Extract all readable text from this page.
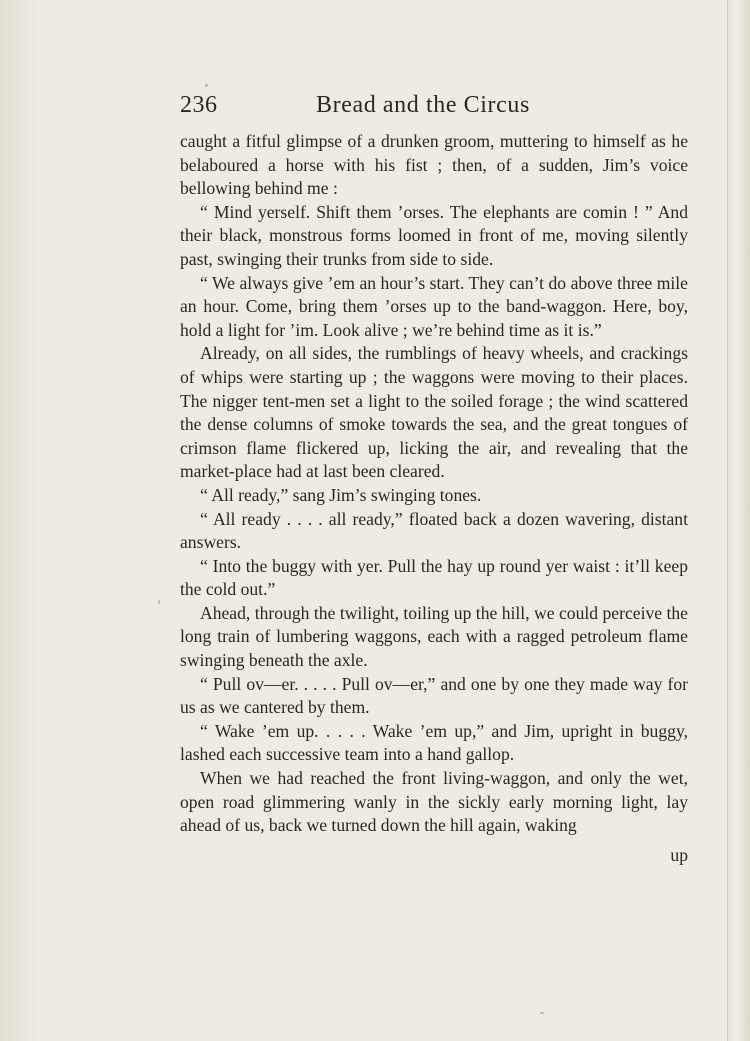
236	Bread and the Circus

caught a fitful glimpse of a drunken groom, muttering to himself as he belaboured a horse with his fist ; then, of a sudden, Jim’s voice bellowing behind me :

“ Mind yerself. Shift them ’orses. The elephants are comin ! ” And their black, monstrous forms loomed in front of me, moving silently past, swinging their trunks from side to side.

“ We always give ’em an hour’s start. They can’t do above three mile an hour. Come, bring them ’orses up to the band-waggon. Here, boy, hold a light for ’im. Look alive ; we’re behind time as it is.”

Already, on all sides, the rumblings of heavy wheels, and crackings of whips were starting up ; the waggons were moving to their places. The nigger tent-men set a light to the soiled forage ; the wind scattered the dense columns of smoke towards the sea, and the great tongues of crimson flame flickered up, licking the air, and revealing that the market-place had at last been cleared.

“ All ready,” sang Jim’s swinging tones.

“ All ready . . . . all ready,” floated back a dozen wavering, distant answers.

“ Into the buggy with yer. Pull the hay up round yer waist : it’ll keep the cold out.”

Ahead, through the twilight, toiling up the hill, we could perceive the long train of lumbering waggons, each with a ragged petroleum flame swinging beneath the axle.

“ Pull ov—er. . . . . Pull ov—er,” and one by one they made way for us as we cantered by them.

“ Wake ’em up. . . . . Wake ’em up,” and Jim, upright in buggy, lashed each successive team into a hand gallop.

When we had reached the front living-waggon, and only the wet, open road glimmering wanly in the sickly early morning light, lay ahead of us, back we turned down the hill again, waking

up
